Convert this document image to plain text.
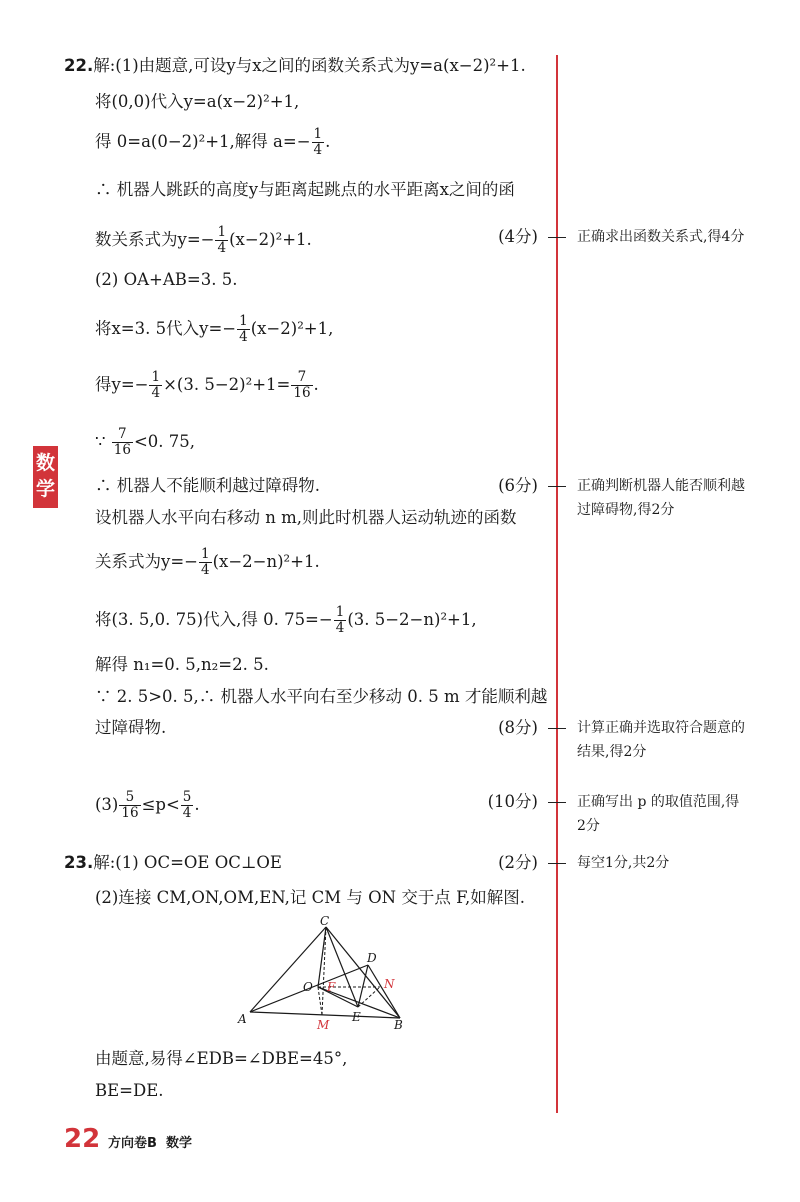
数学
22.解:(1)由题意,可设y与x之间的函数关系式为y=a(x−2)²+1.
将(0,0)代入y=a(x−2)²+1,
得 0=a(0−2)²+1,解得 $a=- \frac{1}{4}$ .
∴ 机器人跳跃的高度y与距离起跳点的水平距离x之间的函
数关系式为$y=- \frac{1}{4} (x-2)^2+1$.	(4分)
(2) OA+AB=3. 5.
将x=3. 5代入$y=- \frac{1}{4} (x-2)^2+1$,
得$y=- \frac{1}{4} \times(3$. $5-2)^2+1= \frac{7}{16}$ .
∵ $\frac{7}{16} <0$. 75,
∴ 机器人不能顺利越过障碍物.	(6分)
设机器人水平向右移动 n m,则此时机器人运动轨迹的函数
关系式为$y=- \frac{1}{4} (x-2-n)^2+1$.
将(3. 5,0. 75)代入,得 0. $75=- \frac{1}{4} (3$. 5−2−n)²+1,
解得 n₁=0. 5,n₂=2. 5.
∵ 2. 5>0. 5,∴ 机器人水平向右至少移动 0. 5 m 才能顺利越
过障碍物.	(8分)
$(3) \frac{5}{16} \le p< \frac{5}{4}$ .	(10分)
23.解:(1) OC=OE OC⊥OE	(2分)
(2)连接 CM,ON,OM,EN,记 CM 与 ON 交于点 F,如解图.
C
D
O
A	E
B
F	N
M
由题意,易得∠EDB=∠DBE=45°,
BE=DE.
正确求出函数关系式,得4分
正确判断机器人能否顺利越
过障碍物,得2分
计算正确并选取符合题意的
结果,得2分
正确写出 p 的取值范围,得
2分
每空1分,共2分
22 方向卷B 数学
